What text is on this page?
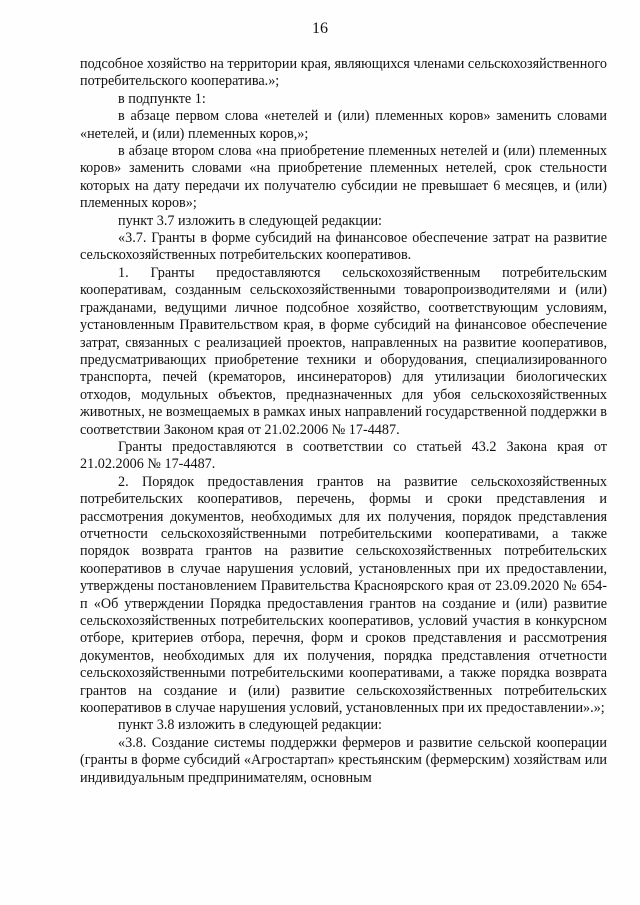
16

подсобное хозяйство на территории края, являющихся членами сельскохозяйственного потребительского кооператива.»;

в подпункте 1:

в абзаце первом слова «нетелей и (или) племенных коров» заменить словами «нетелей, и (или) племенных коров,»;

в абзаце втором слова «на приобретение племенных нетелей и (или) племенных коров» заменить словами «на приобретение племенных нетелей, срок стельности которых на дату передачи их получателю субсидии не превышает 6 месяцев, и (или) племенных коров»;

пункт 3.7 изложить в следующей редакции:

«3.7. Гранты в форме субсидий на финансовое обеспечение затрат на развитие сельскохозяйственных потребительских кооперативов.

1. Гранты предоставляются сельскохозяйственным потребительским кооперативам, созданным сельскохозяйственными товаропроизводителями и (или) гражданами, ведущими личное подсобное хозяйство, соответствующим условиям, установленным Правительством края, в форме субсидий на финансовое обеспечение затрат, связанных с реализацией проектов, направленных на развитие кооперативов, предусматривающих приобретение техники и оборудования, специализированного транспорта, печей (крематоров, инсинераторов) для утилизации биологических отходов, модульных объектов, предназначенных для убоя сельскохозяйственных животных, не возмещаемых в рамках иных направлений государственной поддержки в соответствии Законом края от 21.02.2006 № 17-4487.

Гранты предоставляются в соответствии со статьей 43.2 Закона края от 21.02.2006 № 17-4487.

2. Порядок предоставления грантов на развитие сельскохозяйственных потребительских кооперативов, перечень, формы и сроки представления и рассмотрения документов, необходимых для их получения, порядок представления отчетности сельскохозяйственными потребительскими кооперативами, а также порядок возврата грантов на развитие сельскохозяйственных потребительских кооперативов в случае нарушения условий, установленных при их предоставлении, утверждены постановлением Правительства Красноярского края от 23.09.2020 № 654-п «Об утверждении Порядка предоставления грантов на создание и (или) развитие сельскохозяйственных потребительских кооперативов, условий участия в конкурсном отборе, критериев отбора, перечня, форм и сроков представления и рассмотрения документов, необходимых для их получения, порядка представления отчетности сельскохозяйственными потребительскими кооперативами, а также порядка возврата грантов на создание и (или) развитие сельскохозяйственных потребительских кооперативов в случае нарушения условий, установленных при их предоставлении».»;

пункт 3.8 изложить в следующей редакции:

«3.8. Создание системы поддержки фермеров и развитие сельской кооперации (гранты в форме субсидий «Агростартап» крестьянским (фермерским) хозяйствам или индивидуальным предпринимателям, основным
